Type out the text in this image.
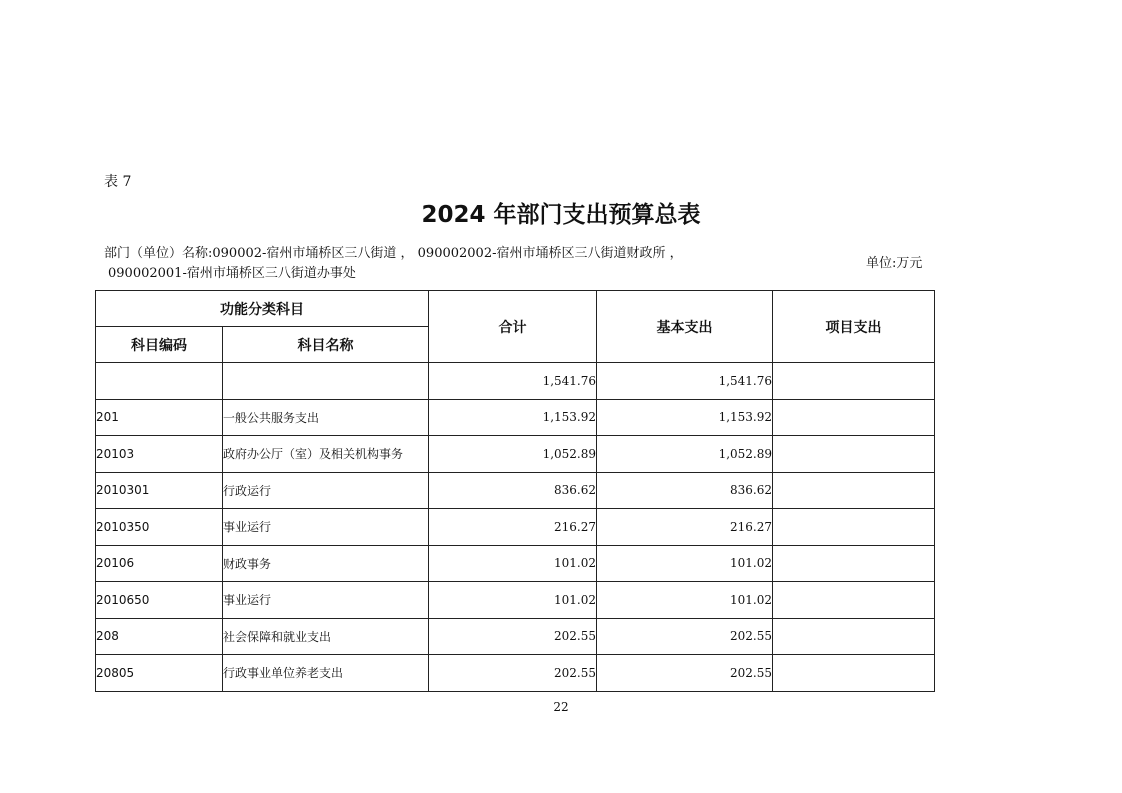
表 7
2024 年部门支出预算总表
部门（单位）名称:090002-宿州市埇桥区三八街道 ， 090002002-宿州市埇桥区三八街道财政所 ，
090002001-宿州市埇桥区三八街道办事处
单位:万元
功能分类科目		合计	基本支出	项目支出
科目编码	科目名称			
		1,541.76	1,541.76	
201	一般公共服务支出	1,153.92	1,153.92	
20103	政府办公厅（室）及相关机构事务	1,052.89	1,052.89	
2010301	行政运行	836.62	836.62	
2010350	事业运行	216.27	216.27	
20106	财政事务	101.02	101.02	
2010650	事业运行	101.02	101.02	
208	社会保障和就业支出	202.55	202.55	
20805	行政事业单位养老支出	202.55	202.55	
22
